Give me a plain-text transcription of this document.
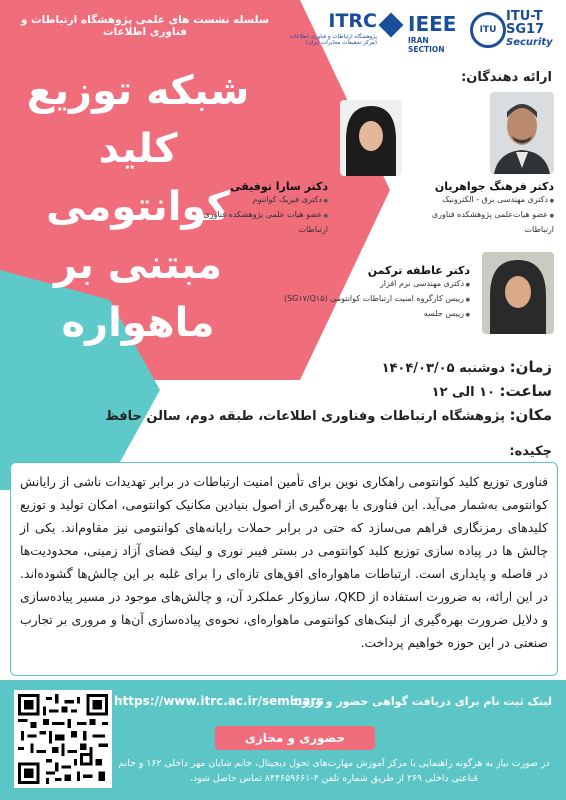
سلسله نشست های علمی پژوهشگاه ارتباطات و فناوری اطلاعات
شبکه توزیع
کلید کوانتومی
مبتنی بر ماهواره
ITU
ITU-T
SG17
Security
IEEE
IRAN SECTION
ITRC
پژوهشگاه ارتباطات و فناوری اطلاعات (مرکز تحقیقات مخابرات ایران)
ارائه دهندگان:
دکتر فرهنگ جواهریان
● دکتری مهندسی برق - الکترونیک
● عضو هیات‌علمی پژوهشکده فناوری ارتباطات
دکتر سارا توفیقی
● دکتری فیزیک کوانتوم
● عضو هیات علمی پژوهشکده فناوری ارتباطات
دکتر عاطفه ترکمن
● دکتری مهندسی نرم افزار
● رییس کارگروه امنیت ارتباطات کوانتومی (SG۱۷/Q۱۵)
● رییس جلسه
زمان: دوشنبه ۱۴۰۴/۰۳/۰۵
ساعت: ۱۰ الی ۱۲
مکان: پژوهشگاه ارتباطات وفناوری اطلاعات، طبقه دوم، سالن حافظ
چکیده:
فناوری توزیع کلید کوانتومی راهکاری نوین برای تأمین امنیت ارتباطات در برابر تهدیدات ناشی از رایانش کوانتومی به‌شمار می‌آید. این فناوری با بهره‌گیری از اصول بنیادین مکانیک کوانتومی، امکان تولید و توزیع کلیدهای رمزنگاری فراهم می‌سازد که حتی در برابر حملات رایانه‌های کوانتومی نیز مقاوم‌اند. یکی از چالش ها در پیاده سازی توزیع کلید کوانتومی در بستر فیبر نوری و لینک فضای آزاد زمینی، محدودیت‌ها در فاصله و پایداری است. ارتباطات ماهواره‌ای افق‌های تازه‌ای را برای غلبه بر این چالش‌ها گشوده‌اند. در این ارائه، به ضرورت استفاده از QKD، سازوکار عملکرد آن، و چالش‌های موجود در مسیر پیاده‌سازی و دلایل ضرورت بهره‌گیری از لینک‌های کوانتومی ماهواره‌ای، نحوه‌ی پیاده‌سازی آن‌ها و مروری بر تجارب صنعتی در این حوزه خواهیم پرداخت.
لینک ثبت نام برای دریافت گواهی حضور و ورود:
https://www.itrc.ac.ir/seminars
حضوری و مجازی
در صورت نیاز به هرگونه راهنمایی با مرکز آموزش مهارت‌های تحول دیجیتال، خانم شایان مهر داخلی ۱۶۲ و خانم قناعتی داخلی ۲۶۹ از طریق شماره تلفن ۴-۸۴۴۶۵۹۶۶۱ تماس حاصل شود.
